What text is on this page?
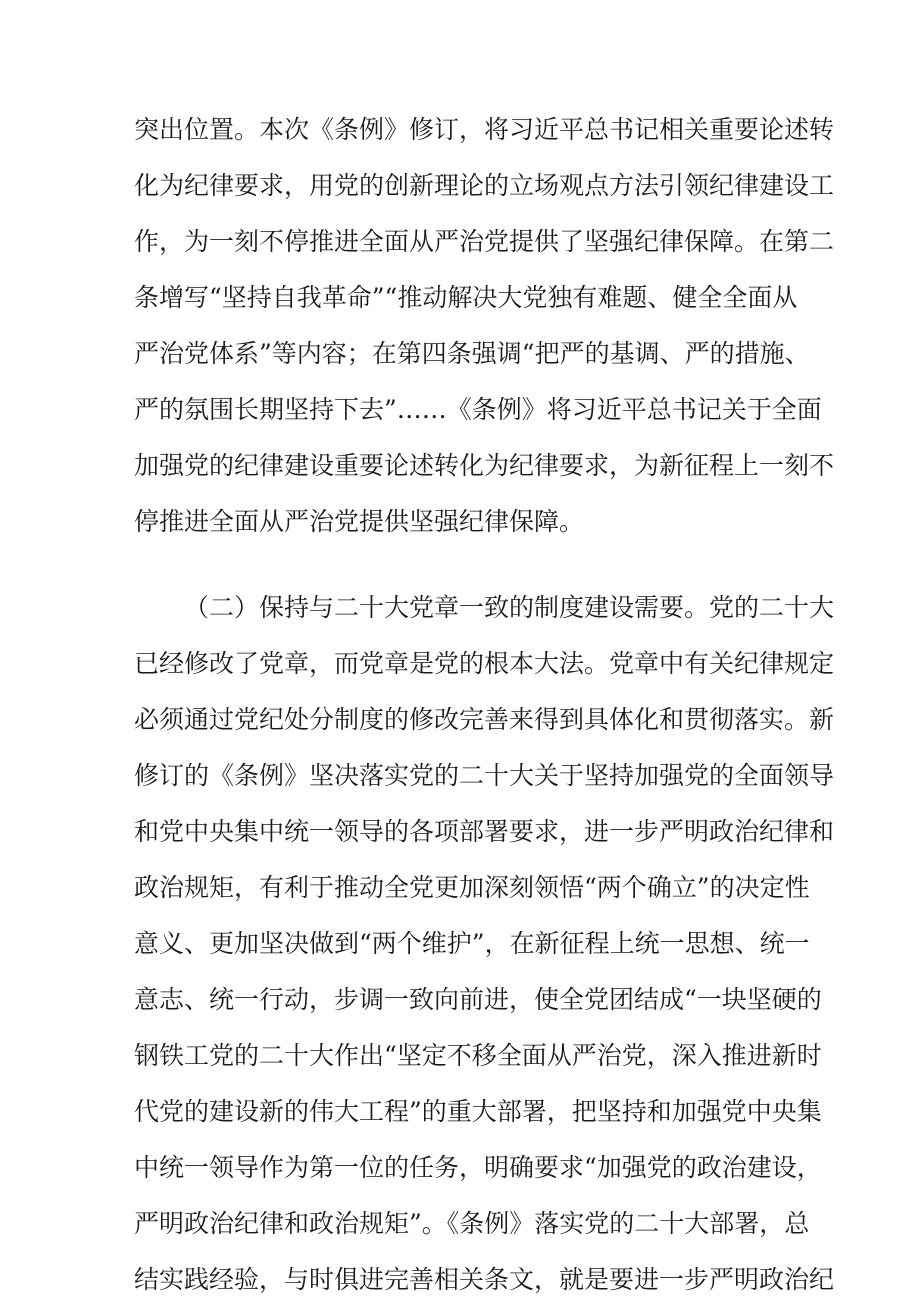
突出位置。本次《条例》修订，将习近平总书记相关重要论述转
化为纪律要求，用党的创新理论的立场观点方法引领纪律建设工
作，为一刻不停推进全面从严治党提供了坚强纪律保障。在第二
条增写“坚持自我革命”“推动解决大党独有难题、健全全面从
严治党体系”等内容；在第四条强调“把严的基调、严的措施、
严的氛围长期坚持下去”……《条例》将习近平总书记关于全面
加强党的纪律建设重要论述转化为纪律要求，为新征程上一刻不
停推进全面从严治党提供坚强纪律保障。
（二）保持与二十大党章一致的制度建设需要。党的二十大
已经修改了党章，而党章是党的根本大法。党章中有关纪律规定
必须通过党纪处分制度的修改完善来得到具体化和贯彻落实。新
修订的《条例》坚决落实党的二十大关于坚持加强党的全面领导
和党中央集中统一领导的各项部署要求，进一步严明政治纪律和
政治规矩，有利于推动全党更加深刻领悟“两个确立”的决定性
意义、更加坚决做到“两个维护”，在新征程上统一思想、统一
意志、统一行动，步调一致向前进，使全党团结成“一块坚硬的
钢铁工党的二十大作出“坚定不移全面从严治党，深入推进新时
代党的建设新的伟大工程”的重大部署，把坚持和加强党中央集
中统一领导作为第一位的任务，明确要求“加强党的政治建设，
严明政治纪律和政治规矩”。《条例》落实党的二十大部署，总
结实践经验，与时俱进完善相关条文，就是要进一步严明政治纪
